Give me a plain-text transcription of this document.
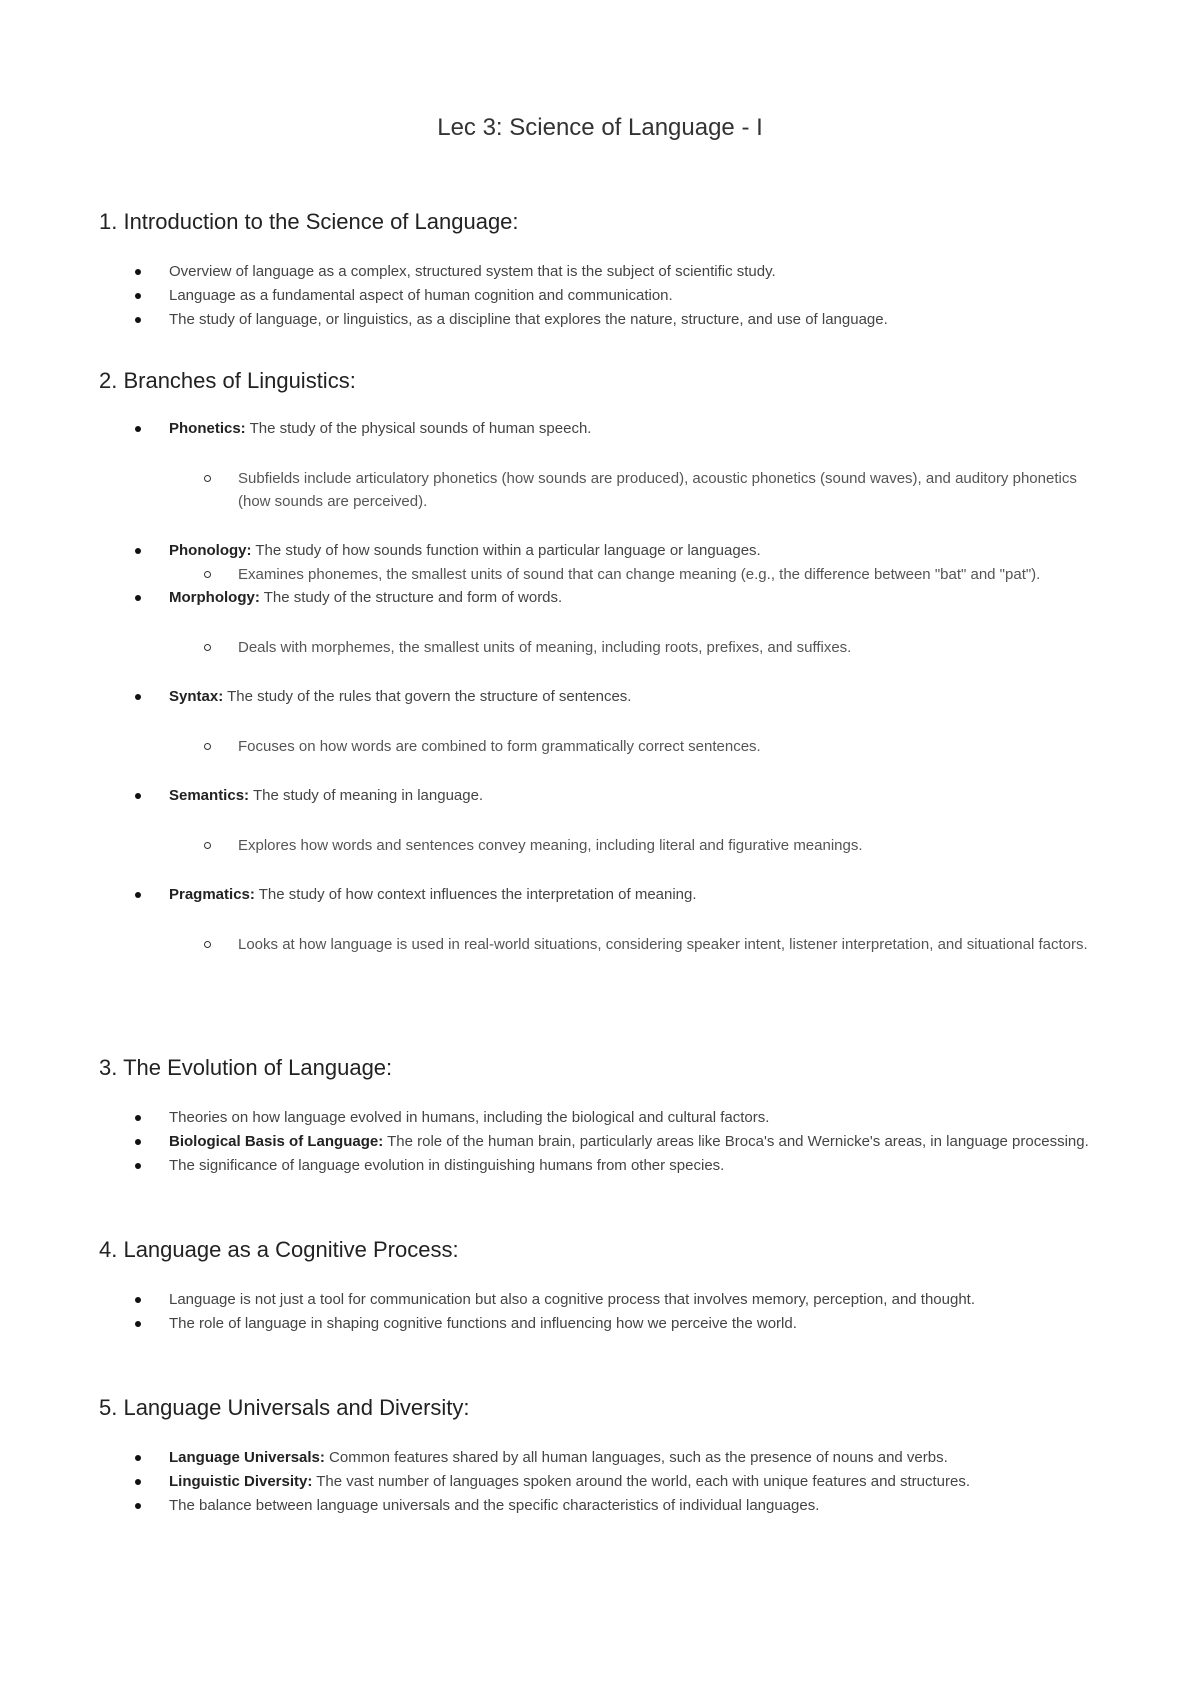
Lec 3: Science of Language - I
1. Introduction to the Science of Language:
Overview of language as a complex, structured system that is the subject of scientific study.
Language as a fundamental aspect of human cognition and communication.
The study of language, or linguistics, as a discipline that explores the nature, structure, and use of language.
2. Branches of Linguistics:
Phonetics: The study of the physical sounds of human speech.
Subfields include articulatory phonetics (how sounds are produced), acoustic phonetics (sound waves), and auditory phonetics (how sounds are perceived).
Phonology: The study of how sounds function within a particular language or languages.
Examines phonemes, the smallest units of sound that can change meaning (e.g., the difference between "bat" and "pat").
Morphology: The study of the structure and form of words.
Deals with morphemes, the smallest units of meaning, including roots, prefixes, and suffixes.
Syntax: The study of the rules that govern the structure of sentences.
Focuses on how words are combined to form grammatically correct sentences.
Semantics: The study of meaning in language.
Explores how words and sentences convey meaning, including literal and figurative meanings.
Pragmatics: The study of how context influences the interpretation of meaning.
Looks at how language is used in real-world situations, considering speaker intent, listener interpretation, and situational factors.
3. The Evolution of Language:
Theories on how language evolved in humans, including the biological and cultural factors.
Biological Basis of Language: The role of the human brain, particularly areas like Broca's and Wernicke's areas, in language processing.
The significance of language evolution in distinguishing humans from other species.
4. Language as a Cognitive Process:
Language is not just a tool for communication but also a cognitive process that involves memory, perception, and thought.
The role of language in shaping cognitive functions and influencing how we perceive the world.
5. Language Universals and Diversity:
Language Universals: Common features shared by all human languages, such as the presence of nouns and verbs.
Linguistic Diversity: The vast number of languages spoken around the world, each with unique features and structures.
The balance between language universals and the specific characteristics of individual languages.
